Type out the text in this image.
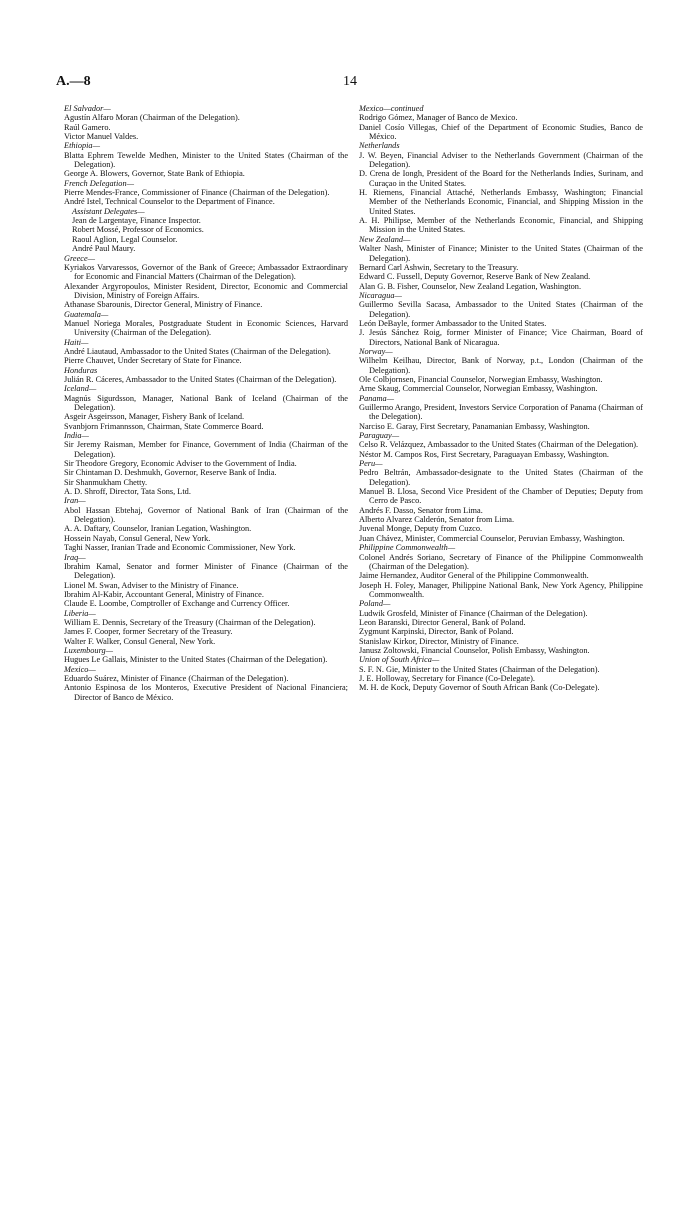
A.—8	14

El Salvador—

Agustín Alfaro Moran (Chairman of the Delegation).

Raúl Gamero.

Victor Manuel Valdes.

Ethiopia—

Blatta Ephrem Tewelde Medhen, Minister to the United States (Chairman of the Delegation).

George A. Blowers, Governor, State Bank of Ethiopia.

French Delegation—

Pierre Mendes-France, Commissioner of Finance (Chairman of the Delegation).

André Istel, Technical Counselor to the Department of Finance.

Assistant Delegates—

Jean de Largentaye, Finance Inspector.

Robert Mossé, Professor of Economics.

Raoul Aglion, Legal Counselor.

André Paul Maury.

Greece—

Kyriakos Varvaressos, Governor of the Bank of Greece; Ambassador Extraordinary for Economic and Financial Matters (Chairman of the Delegation).

Alexander Argyropoulos, Minister Resident, Director, Economic and Commercial Division, Ministry of Foreign Affairs.

Athanase Sbarounis, Director General, Ministry of Finance.

Guatemala—

Manuel Noriega Morales, Postgraduate Student in Economic Sciences, Harvard University (Chairman of the Delegation).

Haiti—

André Liautaud, Ambassador to the United States (Chairman of the Delegation).

Pierre Chauvet, Under Secretary of State for Finance.

Honduras

Julián R. Cáceres, Ambassador to the United States (Chairman of the Delegation).

Iceland—

Magnús Sigurdsson, Manager, National Bank of Iceland (Chairman of the Delegation).

Asgeir Asgeirsson, Manager, Fishery Bank of Iceland.

Svanbjorn Frimannsson, Chairman, State Commerce Board.

India—

Sir Jeremy Raisman, Member for Finance, Government of India (Chairman of the Delegation).

Sir Theodore Gregory, Economic Adviser to the Government of India.

Sir Chintaman D. Deshmukh, Governor, Reserve Bank of India.

Sir Shanmukham Chetty.

A. D. Shroff, Director, Tata Sons, Ltd.

Iran—

Abol Hassan Ebtehaj, Governor of National Bank of Iran (Chairman of the Delegation).

A. A. Daftary, Counselor, Iranian Legation, Washington.

Hossein Nayab, Consul General, New York.

Taghi Nasser, Iranian Trade and Economic Commissioner, New York.

Iraq—

Ibrahim Kamal, Senator and former Minister of Finance (Chairman of the Delegation).

Lionel M. Swan, Adviser to the Ministry of Finance.

Ibrahim Al-Kabir, Accountant General, Ministry of Finance.

Claude E. Loombe, Comptroller of Exchange and Currency Officer.

Liberia—

William E. Dennis, Secretary of the Treasury (Chairman of the Delegation).

James F. Cooper, former Secretary of the Treasury.

Walter F. Walker, Consul General, New York.

Luxembourg—

Hugues Le Gallais, Minister to the United States (Chairman of the Delegation).

Mexico—

Eduardo Suárez, Minister of Finance (Chairman of the Delegation).

Antonio Espinosa de los Monteros, Executive President of Nacional Financiera; Director of Banco de México.

Mexico—continued

Rodrigo Gómez, Manager of Banco de Mexico.

Daniel Cosío Villegas, Chief of the Department of Economic Studies, Banco de México.

Netherlands

J. W. Beyen, Financial Adviser to the Netherlands Government (Chairman of the Delegation).

D. Crena de Iongh, President of the Board for the Netherlands Indies, Surinam, and Curaçao in the United States.

H. Riemens, Financial Attaché, Netherlands Embassy, Washington; Financial Member of the Netherlands Economic, Financial, and Shipping Mission in the United States.

A. H. Philipse, Member of the Netherlands Economic, Financial, and Shipping Mission in the United States.

New Zealand—

Walter Nash, Minister of Finance; Minister to the United States (Chairman of the Delegation).

Bernard Carl Ashwin, Secretary to the Treasury.

Edward C. Fussell, Deputy Governor, Reserve Bank of New Zealand.

Alan G. B. Fisher, Counselor, New Zealand Legation, Washington.

Nicaragua—

Guillermo Sevilla Sacasa, Ambassador to the United States (Chairman of the Delegation).

León DeBayle, former Ambassador to the United States.

J. Jesús Sánchez Roig, former Minister of Finance; Vice Chairman, Board of Directors, National Bank of Nicaragua.

Norway—

Wilhelm Keilhau, Director, Bank of Norway, p.t., London (Chairman of the Delegation).

Ole Colbjornsen, Financial Counselor, Norwegian Embassy, Washington.

Arne Skaug, Commercial Counselor, Norwegian Embassy, Washington.

Panama—

Guillermo Arango, President, Investors Service Corporation of Panama (Chairman of the Delegation).

Narciso E. Garay, First Secretary, Panamanian Embassy, Washington.

Paraguay—

Celso R. Velázquez, Ambassador to the United States (Chairman of the Delegation).

Néstor M. Campos Ros, First Secretary, Paraguayan Embassy, Washington.

Peru—

Pedro Beltrán, Ambassador-designate to the United States (Chairman of the Delegation).

Manuel B. Llosa, Second Vice President of the Chamber of Deputies; Deputy from Cerro de Pasco.

Andrés F. Dasso, Senator from Lima.

Alberto Alvarez Calderón, Senator from Lima.

Juvenal Monge, Deputy from Cuzco.

Juan Chávez, Minister, Commercial Counselor, Peruvian Embassy, Washington.

Philippine Commonwealth—

Colonel Andrés Soriano, Secretary of Finance of the Philippine Commonwealth (Chairman of the Delegation).

Jaime Hernandez, Auditor General of the Philippine Commonwealth.

Joseph H. Foley, Manager, Philippine National Bank, New York Agency, Philippine Commonwealth.

Poland—

Ludwik Grosfeld, Minister of Finance (Chairman of the Delegation).

Leon Baranski, Director General, Bank of Poland.

Zygmunt Karpinski, Director, Bank of Poland.

Stanislaw Kirkor, Director, Ministry of Finance.

Janusz Zoltowski, Financial Counselor, Polish Embassy, Washington.

Union of South Africa—

S. F. N. Gie, Minister to the United States (Chairman of the Delegation).

J. E. Holloway, Secretary for Finance (Co-Delegate).

M. H. de Kock, Deputy Governor of South African Bank (Co-Delegate).
